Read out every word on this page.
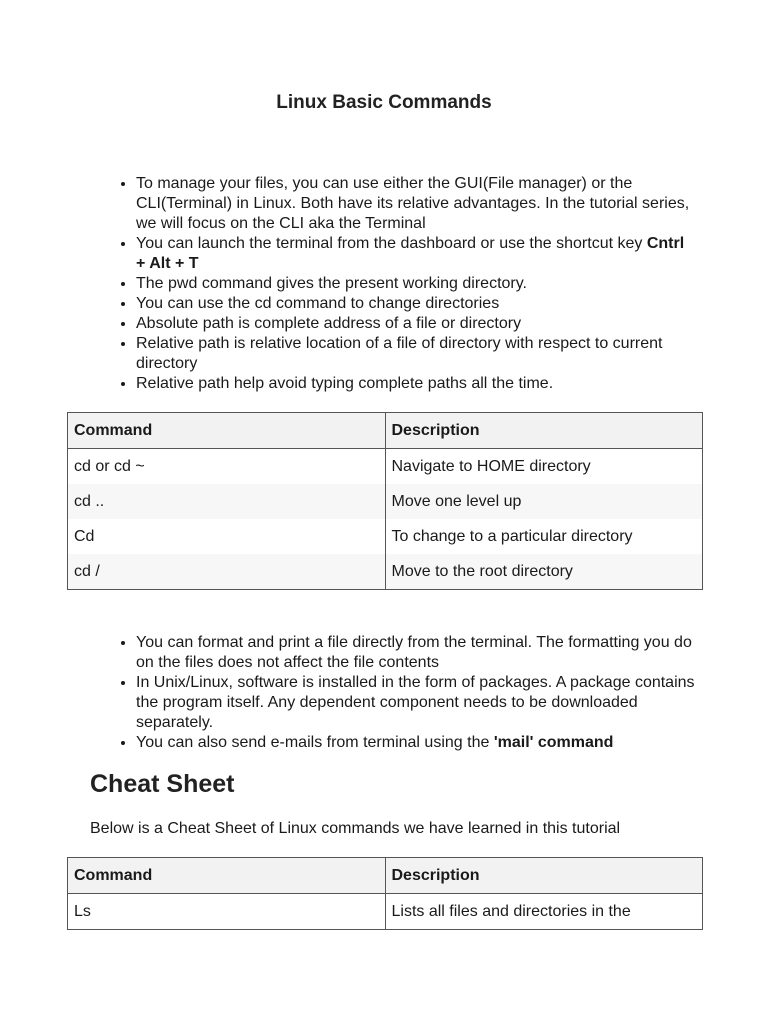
Linux Basic Commands
• To manage your files, you can use either the GUI(File manager) or the CLI(Terminal) in Linux. Both have its relative advantages. In the tutorial series, we will focus on the CLI aka the Terminal
• You can launch the terminal from the dashboard or use the shortcut key Cntrl + Alt + T
• The pwd command gives the present working directory.
• You can use the cd command to change directories
• Absolute path is complete address of a file or directory
• Relative path is relative location of a file of directory with respect to current directory
• Relative path help avoid typing complete paths all the time.
Command	Description
cd or cd ~	Navigate to HOME directory
cd ..	Move one level up
Cd	To change to a particular directory
cd /	Move to the root directory
• You can format and print a file directly from the terminal. The formatting you do on the files does not affect the file contents
• In Unix/Linux, software is installed in the form of packages. A package contains the program itself. Any dependent component needs to be downloaded separately.
• You can also send e-mails from terminal using the 'mail' command
Cheat Sheet

Below is a Cheat Sheet of Linux commands we have learned in this tutorial

Command	Description
Ls	Lists all files and directories in the
